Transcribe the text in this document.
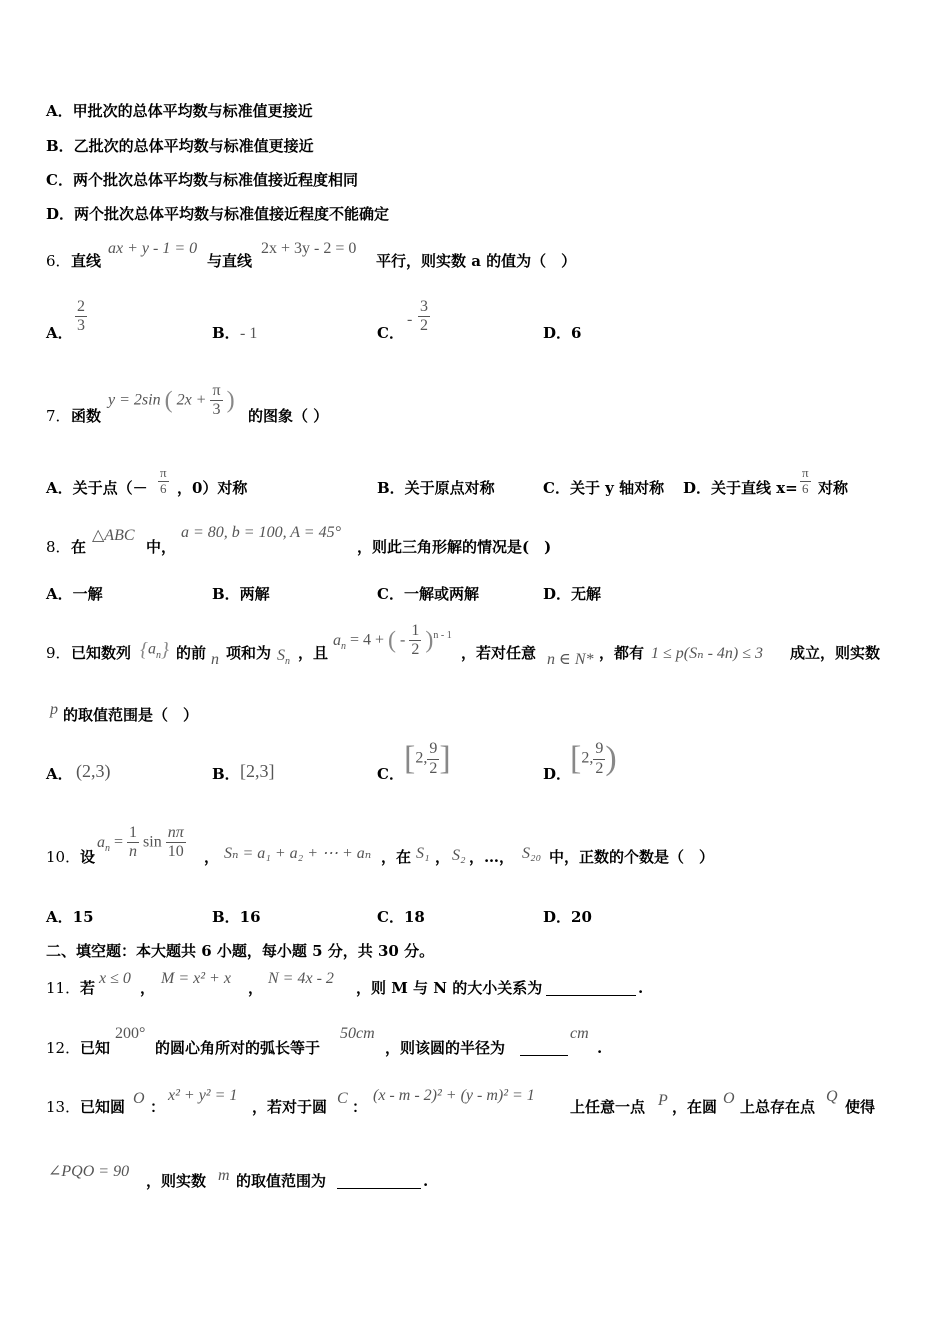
A．甲批次的总体平均数与标准值更接近
B．乙批次的总体平均数与标准值更接近
C．两个批次总体平均数与标准值接近程度相同
D．两个批次总体平均数与标准值接近程度不能确定
6． 直线
ax + y - 1 = 0
与直线
2x + 3y - 2 = 0
平行，则实数 a 的值为（　）
A． $\frac{2}{3}$	B． - 1	C．
- $\frac{3}{2}$	D．6
7． 函数
y = 2sin ( $2x + \frac{\pi}{3}$ )
的图象（ ）
A．关于点（－ $\frac{\pi}{6}$ ，0）对称	B．关于原点对称	C．关于 y 轴对称 D．关于直线 $x= \frac{\pi}{6}$ 对称
8． 在
△ABC
中，
a = 80, b = 100, A = 45°
，则此三角形解的情况是(　)
A．一解	B．两解	C．一解或两解	D．无解
9． 已知数列 $\{a_n\}$ 的前 n 项和为 $S_n$ ，且
$a_n = 4$ + ( - $\frac{1}{2} )^{n - 1}$
，若对任意 n ∈ N* ，都有 1 ≤ p(Sₙ - 4n) ≤ 3 成立，则实数
p 的取值范围是（　）
A． (2,3)	B． [2,3]	C． [2, $\frac{9}{2}$ ]	D．
[2, $\frac{9}{2}$ )
10． 设
$a_n = \frac{1}{n}$ $\sin \frac{n\pi}{10}$ ， Sₙ = a₁ + a₂ + ⋯ + aₙ ，在 S₁ ， S₂ ，…， S₂₀ 中，正数的个数是（　）
A．15	B．16	C．18	D．20
二、填空题：本大题共 6 小题，每小题 5 分，共 30 分。
11． 若
x ≤ 0
，
M = x² + x
，
N = 4x - 2
，则 M 与 N 的大小关系为	.
12． 已知
200°
的圆心角所对的弧长等于
50cm
，则该圆的半径为
cm
.
13． 已知圆 O ：
x² + y² = 1
，若对于圆 C ：
(x - m - 2)² + (y - m)² = 1
上任意一点 P ，在圆 O 上总存在点
Q
使得
∠PQO = 90
，则实数 m 的取值范围为	.
